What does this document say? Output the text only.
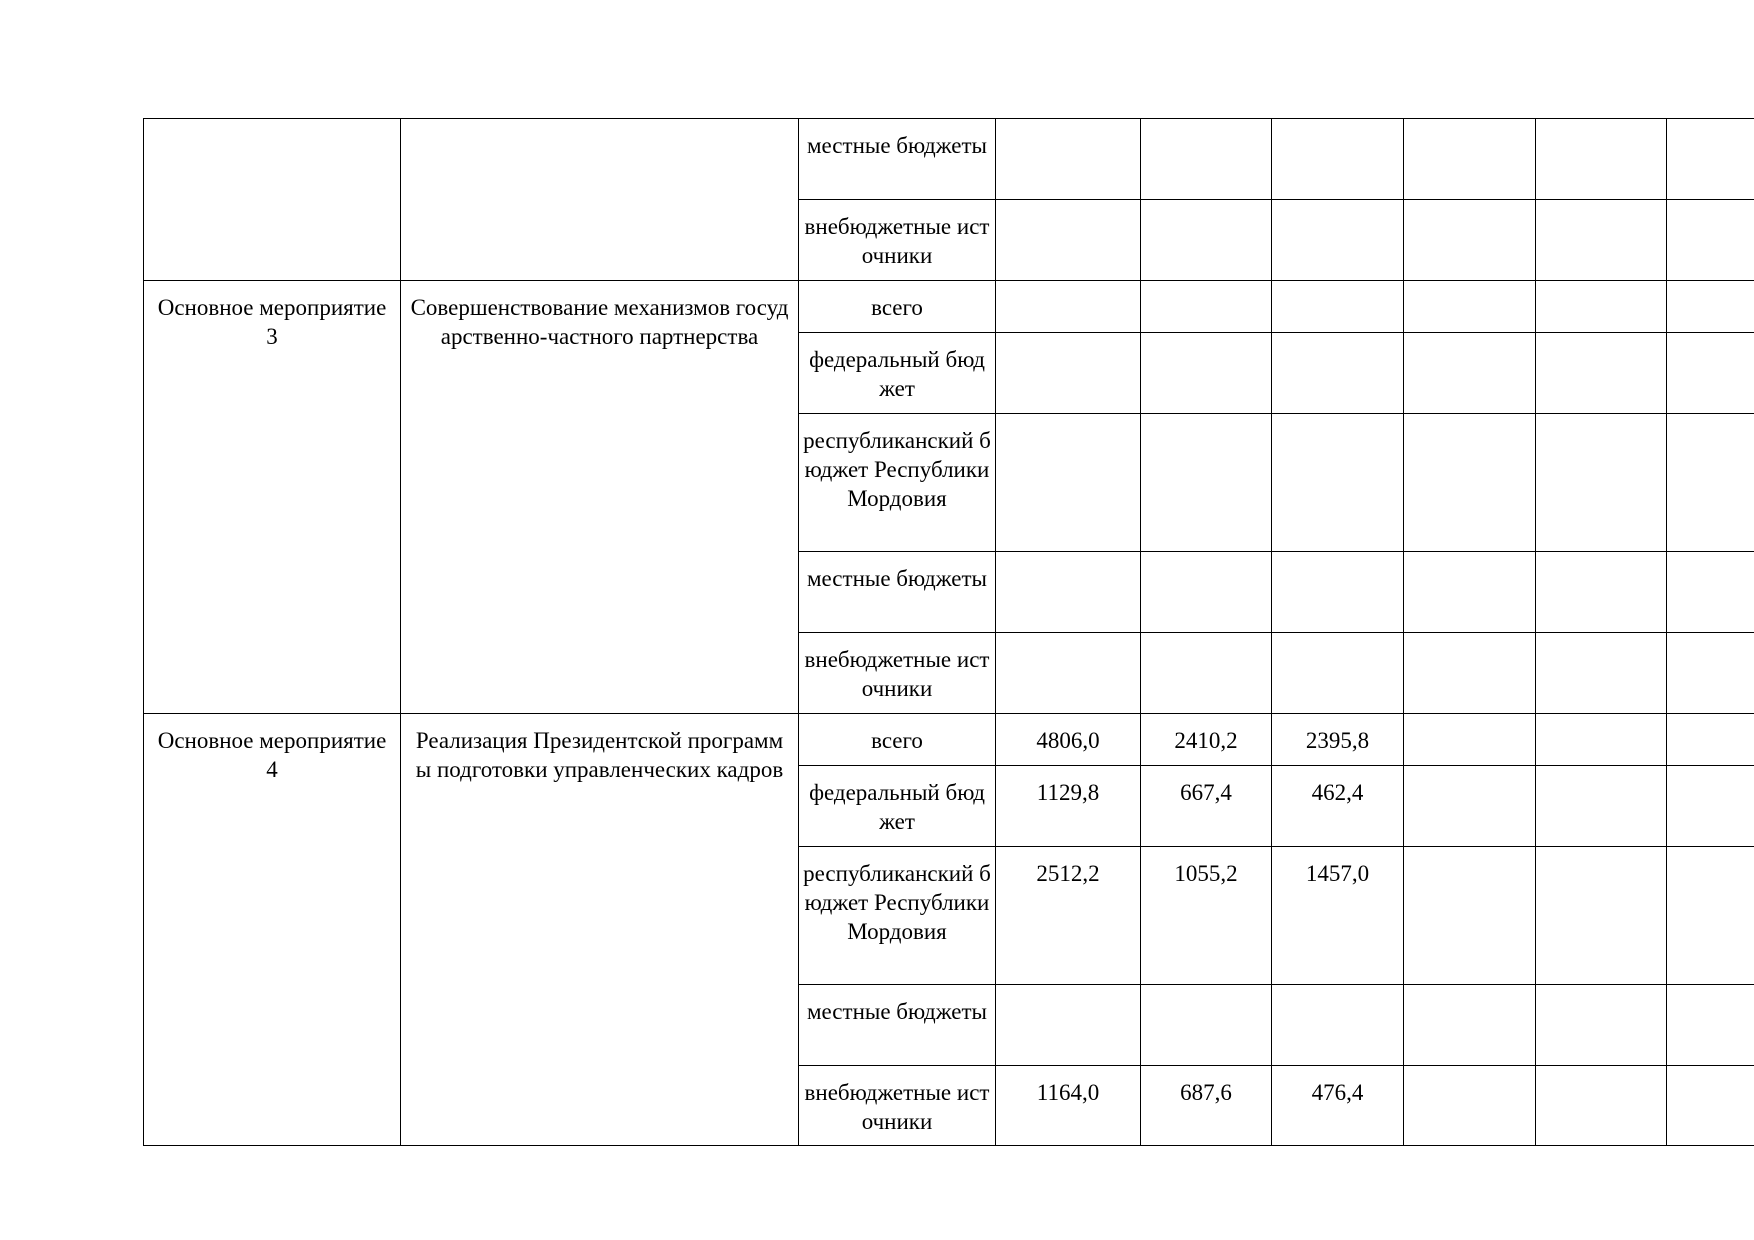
		местные бюджеты						
		внебюджетные источники						
Основное мероприятие 3	Совершенствование механизмов государственно-частного партнерства	всего						
		федеральный бюджет						
		республиканский бюджет Республики Мордовия						
		местные бюджеты						
		внебюджетные источники						
Основное мероприятие 4	Реализация Президентской программы подготовки управленческих кадров	всего	4806,0	2410,2	2395,8			
		федеральный бюджет	1129,8	667,4	462,4			
		республиканский бюджет Республики Мордовия	2512,2	1055,2	1457,0			
		местные бюджеты						
		внебюджетные источники	1164,0	687,6	476,4			
